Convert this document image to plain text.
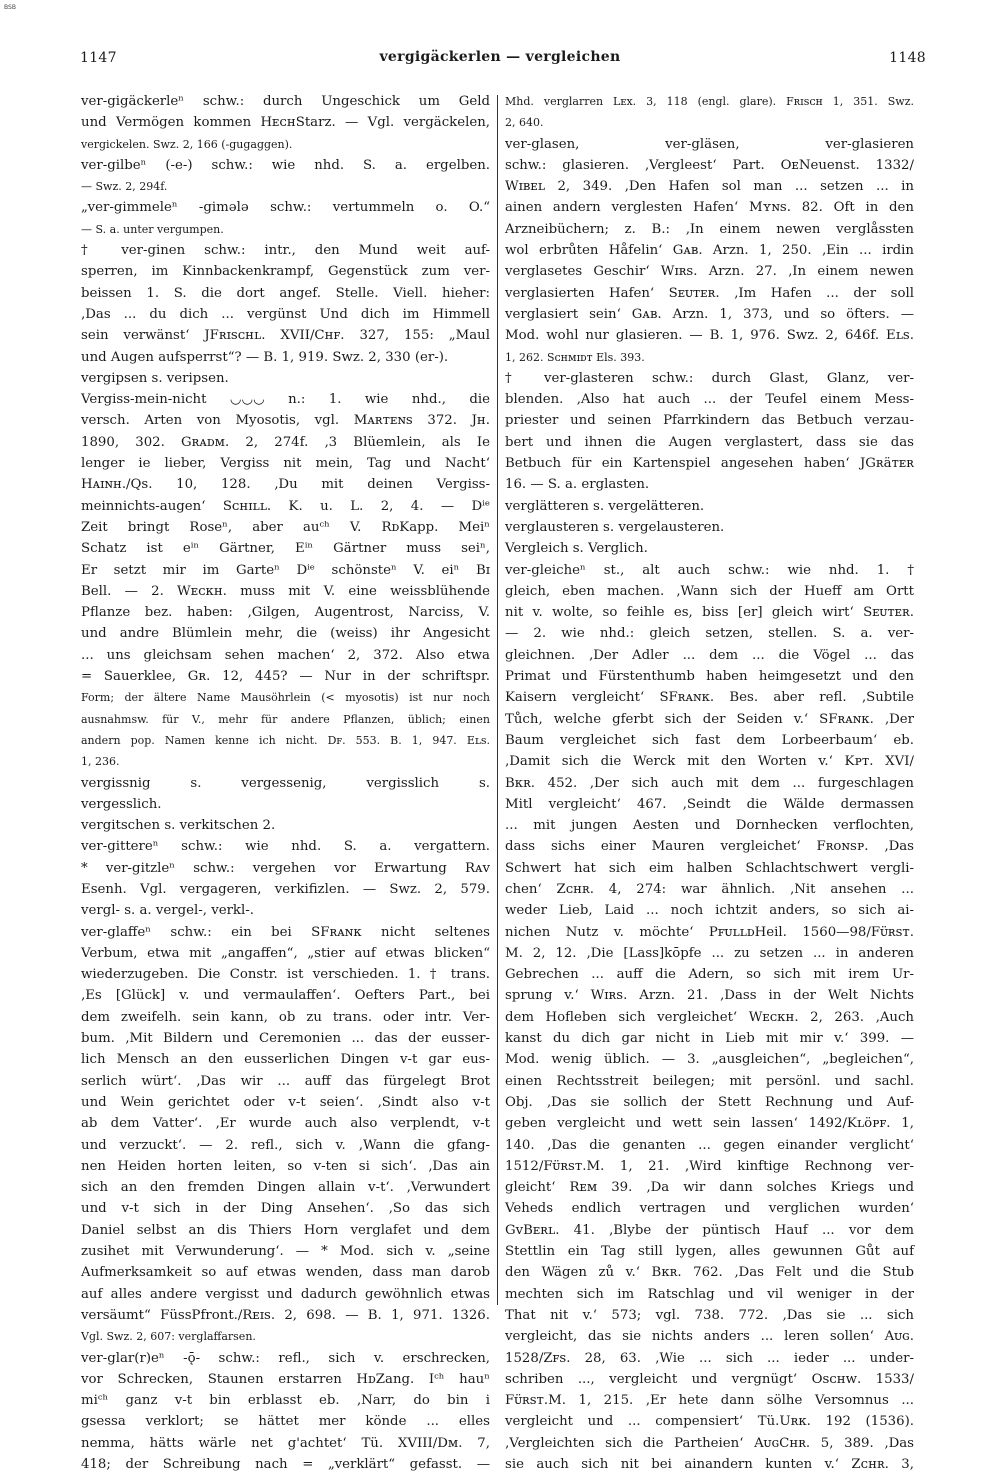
BSB
1147	vergigäckerlen — vergleichen	1148
ver-gigäckerleⁿ schw.: durch Ungeschick um Geld
und Vermögen kommen HᴇᴄʜStarz. — Vgl. vergäckelen,
vergickelen. Swz. 2, 166 (-gugaggen).
ver-gilbeⁿ (-e-) schw.: wie nhd. S. a. ergelben.
— Swz. 2, 294f.
„ver-gimmeleⁿ -gimələ schw.: vertummeln o. O.“
— S. a. unter vergumpen.
† ver-ginen schw.: intr., den Mund weit auf-
sperren, im Kinnbackenkrampf, Gegenstück zum ver-
beissen 1. S. die dort angef. Stelle. Viell. hieher:
‚Das ... du dich ... vergünst Und dich im Himmell
sein verwänst‘ JFʀɪsᴄʜʟ. XVII/Cʜꜰ. 327, 155: „Maul
und Augen aufsperrst“? — B. 1, 919. Swz. 2, 330 (er-).
vergipsen s. veripsen.
Vergiss-mein-nicht ◡◡◡ n.: 1. wie nhd., die
versch. Arten von Myosotis, vgl. Mᴀʀᴛᴇɴs 372. Jʜ.
1890, 302. Gʀᴀᴅᴍ. 2, 274f. ‚3 Blüemlein, als Ie
lenger ie lieber, Vergiss nit mein, Tag und Nacht‘
Hᴀɪɴʜ./Qs. 10, 128. ‚Du mit deinen Vergiss-
meinnichts-augen‘ Sᴄʜɪʟʟ. K. u. L. 2, 4. — Dⁱᵉ
Zeit bringt Roseⁿ, aber auᶜʰ V. RᴅKapp. Meiⁿ
Schatz ist eⁱⁿ Gärtner, Eⁱⁿ Gärtner muss seiⁿ,
Er setzt mir im Garteⁿ Dⁱᵉ schönsteⁿ V. eiⁿ Bɪ
Bell. — 2. Wᴇᴄᴋʜ. muss mit V. eine weissblühende
Pflanze bez. haben: ‚Gilgen, Augentrost, Narciss, V.
und andre Blümlein mehr, die (weiss) ihr Angesicht
... uns gleichsam sehen machen‘ 2, 372. Also etwa
= Sauerklee, Gʀ. 12, 445? — Nur in der schriftspr.
Form; der ältere Name Mausöhrlein (< myosotis) ist nur noch
ausnahmsw. für V., mehr für andere Pflanzen, üblich; einen
andern pop. Namen kenne ich nicht. Dꜰ. 553. B. 1, 947. Eʟs.
1, 236.
vergissnig s. vergessenig, vergisslich s.
vergesslich.
vergitschen s. verkitschen 2.
ver-gittereⁿ schw.: wie nhd. S. a. vergattern.
* ver-gitzleⁿ schw.: vergehen vor Erwartung Rᴀᴠ
Esenh. Vgl. vergageren, verkifizlen. — Swz. 2, 579.
vergl- s. a. vergel-, verkl-.
ver-glaffeⁿ schw.: ein bei SFʀᴀɴᴋ nicht seltenes
Verbum, etwa mit „angaffen“, „stier auf etwas blicken“
wiederzugeben. Die Constr. ist verschieden. 1. † trans.
‚Es [Glück] v. und vermaulaffen‘. Oefters Part., bei
dem zweifelh. sein kann, ob zu trans. oder intr. Ver-
bum. ‚Mit Bildern und Ceremonien ... das der eusser-
lich Mensch an den eusserlichen Dingen v-t gar eus-
serlich würt‘. ‚Das wir ... auff das fürgelegt Brot
und Wein gerichtet oder v-t seien‘. ‚Sindt also v-t
ab dem Vatter‘. ‚Er wurde auch also verplendt, v-t
und verzuckt‘. — 2. refl., sich v. ‚Wann die gfang-
nen Heiden horten leiten, so v-ten si sich‘. ‚Das ain
sich an den fremden Dingen allain v-t‘. ‚Verwundert
und v-t sich in der Ding Ansehen‘. ‚So das sich
Daniel selbst an dis Thiers Horn verglafet und dem
zusihet mit Verwunderung‘. — * Mod. sich v. „seine
Aufmerksamkeit so auf etwas wenden, dass man darob
auf alles andere vergisst und dadurch gewöhnlich etwas
versäumt“ FüssPfront./Rᴇɪs. 2, 698. — B. 1, 971. 1326.
Vgl. Swz. 2, 607: verglaffarsen.
ver-glar(r)eⁿ -ǭ- schw.: refl., sich v. erschrecken,
vor Schrecken, Staunen erstarren HᴅZang. Iᶜʰ hauⁿ
miᶜʰ ganz v-t bin erblasst eb. ‚Narr, do bin i
gsessa verklort; se hättet mer könde ... elles
nemma, hätts wärle net g'achtet‘ Tü. XVIII/Dᴍ. 7,
418; der Schreibung nach = „verklärt“ gefasst. —
Mhd. verglarren Lᴇx. 3, 118 (engl. glare). Fʀɪsᴄʜ 1, 351. Swz.
2, 640.
ver-glasen, ver-gläsen, ver-glasieren
schw.: glasieren. ‚Vergleest‘ Part. OᴇNeuenst. 1332/
Wɪʙᴇʟ 2, 349. ‚Den Hafen sol man ... setzen ... in
ainen andern verglesten Hafen‘ Mʏɴs. 82. Oft in den
Arzneibüchern; z. B.: ‚In einem newen verglåssten
wol erbrůten Håfelin‘ Gᴀʙ. Arzn. 1, 250. ‚Ein ... irdin
verglasetes Geschir‘ Wɪʀs. Arzn. 27. ‚In einem newen
verglasierten Hafen‘ Sᴇᴜᴛᴇʀ. ‚Im Hafen ... der soll
verglasiert sein‘ Gᴀʙ. Arzn. 1, 373, und so öfters. —
Mod. wohl nur glasieren. — B. 1, 976. Swz. 2, 646f. Eʟs.
1, 262. Sᴄʜᴍɪᴅᴛ Els. 393.
† ver-glasteren schw.: durch Glast, Glanz, ver-
blenden. ‚Also hat auch ... der Teufel einem Mess-
priester und seinen Pfarrkindern das Betbuch verzau-
bert und ihnen die Augen verglastert, dass sie das
Betbuch für ein Kartenspiel angesehen haben‘ JGʀäᴛᴇʀ
16. — S. a. erglasten.
verglätteren s. vergelätteren.
verglausteren s. vergelausteren.
Vergleich s. Verglich.
ver-gleicheⁿ st., alt auch schw.: wie nhd. 1. †
gleich, eben machen. ‚Wann sich der Hueff am Ortt
nit v. wolte, so feihle es, biss [er] gleich wirt‘ Sᴇᴜᴛᴇʀ.
— 2. wie nhd.: gleich setzen, stellen. S. a. ver-
gleichnen. ‚Der Adler ... dem ... die Vögel ... das
Primat und Fürstenthumb haben heimgesetzt und den
Kaisern vergleicht‘ SFʀᴀɴᴋ. Bes. aber refl. ‚Subtile
Tůch, welche gferbt sich der Seiden v.‘ SFʀᴀɴᴋ. ‚Der
Baum vergleichet sich fast dem Lorbeerbaum‘ eb.
‚Damit sich die Werck mit den Worten v.‘ Kᴘᴛ. XVI/
Bᴋʀ. 452. ‚Der sich auch mit dem ... furgeschlagen
Mitl vergleicht‘ 467. ‚Seindt die Wälde dermassen
... mit jungen Aesten und Dornhecken verflochten,
dass sichs einer Mauren vergleichet‘ Fʀᴏɴsᴘ. ‚Das
Schwert hat sich eim halben Schlachtschwert vergli-
chen‘ Zᴄʜʀ. 4, 274: war ähnlich. ‚Nit ansehen ...
weder Lieb, Laid ... noch ichtzit anders, so sich ai-
nichen Nutz v. möchte‘ PꜰᴜʟʟᴅHeil. 1560—98/Fᴜ̈ʀsᴛ.
M. 2, 12. ‚Die [Lass]kōpfe ... zu setzen ... in anderen
Gebrechen ... auff die Adern, so sich mit irem Ur-
sprung v.‘ Wɪʀs. Arzn. 21. ‚Dass in der Welt Nichts
dem Hofleben sich vergleichet‘ Wᴇᴄᴋʜ. 2, 263. ‚Auch
kanst du dich gar nicht in Lieb mit mir v.‘ 399. —
Mod. wenig üblich. — 3. „ausgleichen“, „begleichen“,
einen Rechtsstreit beilegen; mit persönl. und sachl.
Obj. ‚Das sie sollich der Stett Rechnung und Auf-
geben vergleicht und wett sein lassen‘ 1492/Kʟöᴘꜰ. 1,
140. ‚Das die genanten ... gegen einander verglicht‘
1512/Fᴜ̈ʀsᴛ.M. 1, 21. ‚Wird kinftige Rechnong ver-
gleicht‘ Rᴇᴍ 39. ‚Da wir dann solches Kriegs und
Veheds endlich vertragen und verglichen wurden‘
GᴠBᴇʀʟ. 41. ‚Blybe der püntisch Hauf ... vor dem
Stettlin ein Tag still lygen, alles gewunnen Gůt auf
den Wägen zů v.‘ Bᴋʀ. 762. ‚Das Felt und die Stub
mechten sich im Ratschlag und vil weniger in der
That nit v.‘ 573; vgl. 738. 772. ‚Das sie ... sich
vergleicht, das sie nichts anders ... leren sollen‘ Aᴜɢ.
1528/Zꜰs. 28, 63. ‚Wie ... sich ... ieder ... under-
schriben ..., vergleicht und vergnügt‘ Osᴄʜᴡ. 1533/
Fᴜ̈ʀsᴛ.M. 1, 215. ‚Er hete dann sölhe Versomnus ...
vergleicht und ... compensiert‘ Tü.Uʀᴋ. 192 (1536).
‚Vergleichten sich die Partheien‘ AᴜɢCʜʀ. 5, 389. ‚Das
sie auch sich nit bei ainandern kunten v.‘ Zᴄʜʀ. 3,
